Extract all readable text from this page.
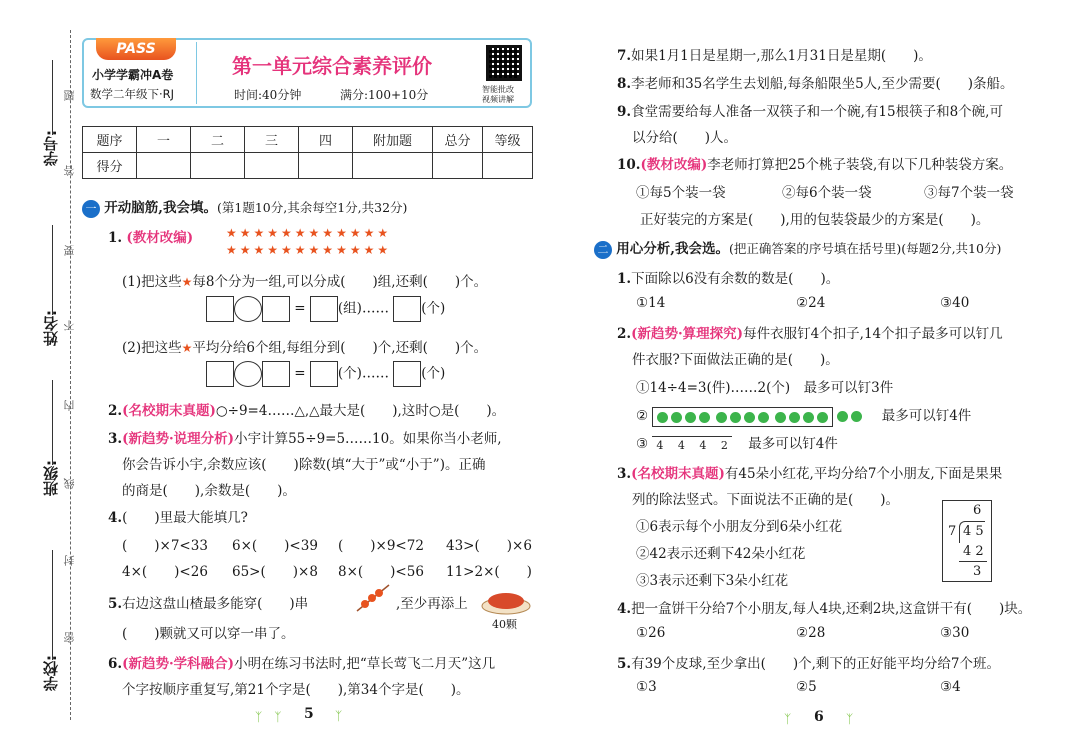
学号:
姓名:
班级:
学校:
题
答
要
不
内
线
封
密
PASS
小学学霸冲A卷
数学二年级下·RJ
第一单元综合素养评价
时间:40分钟	满分:100+10分	智能批改
视频讲解
题序	一	二	三	四	附加题	总分	等级
得分							
一 开动脑筋,我会填。(第1题10分,其余每空1分,共32分)
1. (教材改编)	★★★★★★★★★★★★
★★★★★★★★★★★★
(1)把这些★每8个分为一组,可以分成(　　)组,还剩(　　)个。
= (组)…… (个)
(2)把这些★平均分给6个组,每组分到(　　)个,还剩(　　)个。
= (个)…… (个)
2.(名校期末真题)○÷9=4……△,△最大是(　　),这时○是(　　)。
3.(新趋势·说理分析)小宇计算55÷9=5……10。如果你当小老师,
你会告诉小宇,余数应该(　　)除数(填“大于”或“小于”)。正确
的商是(　　),余数是(　　)。
4.(　　)里最大能填几?
(　　)×7<33 6×(　　)<39 (　　)×9<72 43>(　　)×6
4×(　　)<26 65>(　　)×8 8×(　　)<56 11>2×(　　)
5.右边这盘山楂最多能穿(　　)串	,至少再添上
(　　)颗就又可以穿一串了。
40颗
6.(新趋势·学科融合)小明在练习书法时,把“草长莺飞二月天”这几
个字按顺序重复写,第21个字是(　　),第34个字是(　　)。
ᛉ　ᛉ 5 ᛉ
7.如果1月1日是星期一,那么1月31日是星期(　　)。
8.李老师和35名学生去划船,每条船限坐5人,至少需要(　　)条船。
9.食堂需要给每人准备一双筷子和一个碗,有15根筷子和8个碗,可
以分给(　　)人。
10.(教材改编)李老师打算把25个桃子装袋,有以下几种装袋方案。
①每5个装一袋	②每6个装一袋	③每7个装一袋
正好装完的方案是(　　),用的包装袋最少的方案是(　　)。
二 用心分析,我会选。(把正确答案的序号填在括号里)(每题2分,共10分)
1.下面除以6没有余数的数是(　　)。
①14	②24	③40
2.(新趋势·算理探究)每件衣服钉4个扣子,14个扣子最多可以钉几
件衣服?下面做法正确的是(　　)。
①14÷4=3(件)……2(个)　最多可以钉3件
②	最多可以钉4件
③ 4　 4　 4　 2 最多可以钉4件
3.(名校期末真题)有45朵小红花,平均分给7个小朋友,下面是果果
列的除法竖式。下面说法不正确的是(　　)。
①6表示每个小朋友分到6朵小红花
②42表示还剩下42朵小红花
③3表示还剩下3朵小红花
6
7 4 5
4 2
3
4.把一盒饼干分给7个小朋友,每人4块,还剩2块,这盒饼干有(　　)块。
①26	②28	③30
5.有39个皮球,至少拿出(　　)个,剩下的正好能平均分给7个班。
①3	②5	③4
ᛉ 6 ᛉ
